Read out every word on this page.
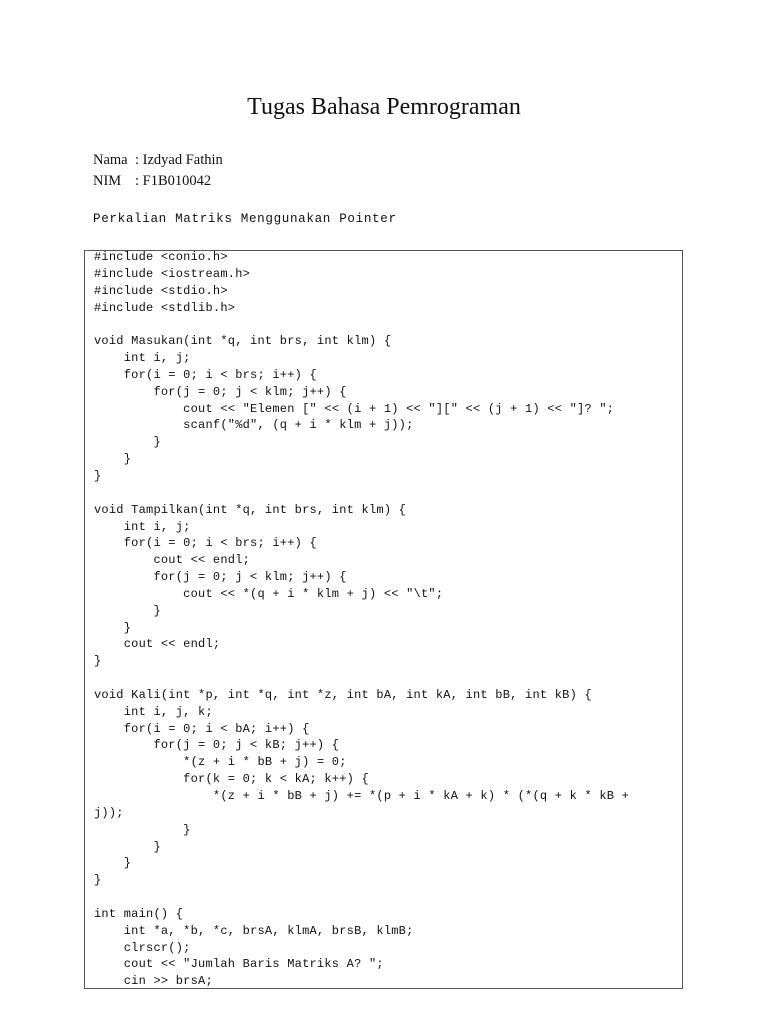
Tugas Bahasa Pemrograman
Nama : Izdyad Fathin
NIM : F1B010042
Perkalian Matriks Menggunakan Pointer
#include <conio.h>
#include <iostream.h>
#include <stdio.h>
#include <stdlib.h>
void Masukan(int *q, int brs, int klm) {
int i, j;
for(i = 0; i < brs; i++) {
for(j = 0; j < klm; j++) {
cout << "Elemen [" << (i + 1) << "][" << (j + 1) << "]? ";
scanf("%d", (q + i * klm + j));
}
}
}
void Tampilkan(int *q, int brs, int klm) {
int i, j;
for(i = 0; i < brs; i++) {
cout << endl;
for(j = 0; j < klm; j++) {
cout << *(q + i * klm + j) << "\t";
}
}
cout << endl;
}
void Kali(int *p, int *q, int *z, int bA, int kA, int bB, int kB) {
int i, j, k;
for(i = 0; i < bA; i++) {
for(j = 0; j < kB; j++) {
*(z + i * bB + j) = 0;
for(k = 0; k < kA; k++) {
*(z + i * bB + j) += *(p + i * kA + k) * (*(q + k * kB +
j));
}
}
}
}
int main() {
int *a, *b, *c, brsA, klmA, brsB, klmB;
clrscr();
cout << "Jumlah Baris Matriks A? ";
cin >> brsA;
